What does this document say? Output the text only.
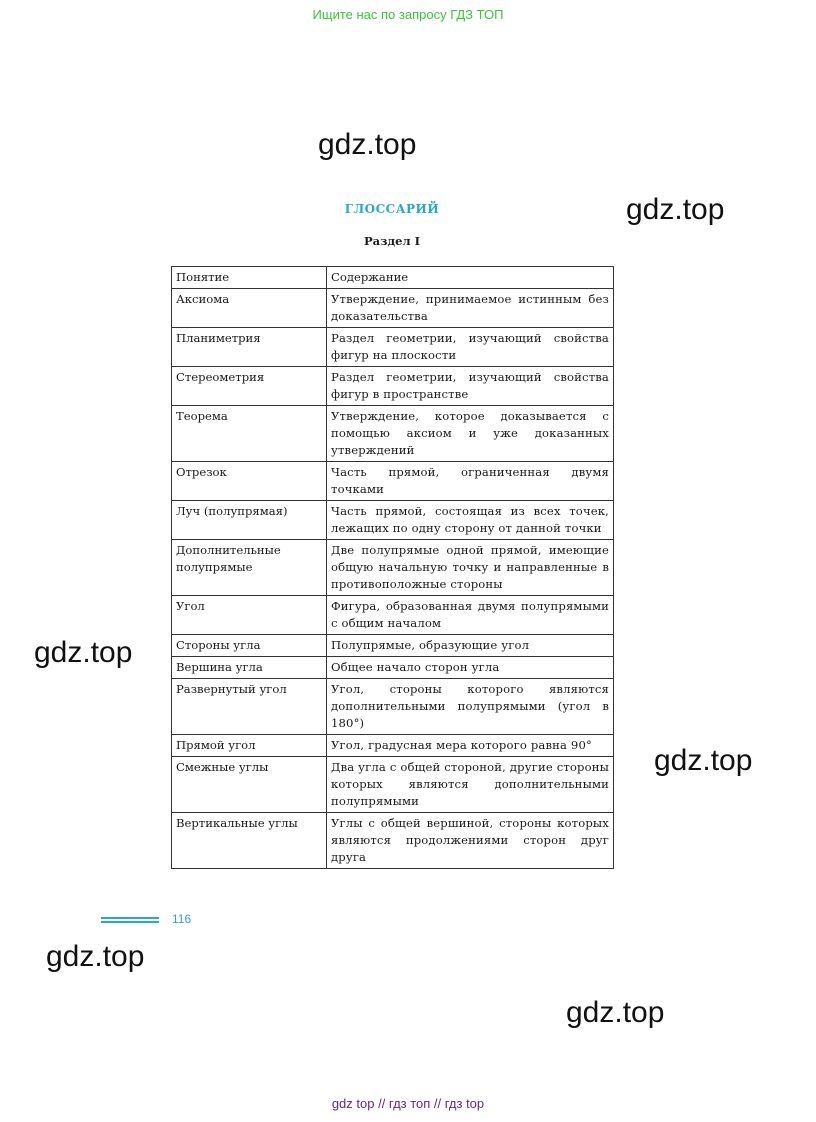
Ищите нас по запросу ГДЗ ТОП
gdz.top
gdz.top
gdz.top
gdz.top
gdz.top
gdz.top
ГЛОССАРИЙ
Раздел I
Понятие	Содержание
Аксиома	Утверждение, принимаемое истинным без доказательства
Планиметрия	Раздел геометрии, изучающий свойства фигур на плоскости
Стереометрия	Раздел геометрии, изучающий свойства фигур в пространстве
Теорема	Утверждение, которое доказывается с помощью аксиом и уже доказанных утверждений
Отрезок	Часть прямой, ограниченная двумя точками
Луч (полупрямая)	Часть прямой, состоящая из всех точек, лежащих по одну сторону от данной точки
Дополнительные полупрямые	Две полупрямые одной прямой, имеющие общую начальную точку и направленные в противоположные стороны
Угол	Фигура, образованная двумя полупрямыми с общим началом
Стороны угла	Полупрямые, образующие угол
Вершина угла	Общее начало сторон угла
Развернутый угол	Угол, стороны которого являются дополнительными полупрямыми (угол в 180°)
Прямой угол	Угол, градусная мера которого равна 90°
Смежные углы	Два угла с общей стороной, другие стороны которых являются дополнительными полупрямыми
Вертикальные углы	Углы с общей вершиной, стороны которых являются продолжениями сторон друг друга
116
gdz top // гдз топ // гдз top
